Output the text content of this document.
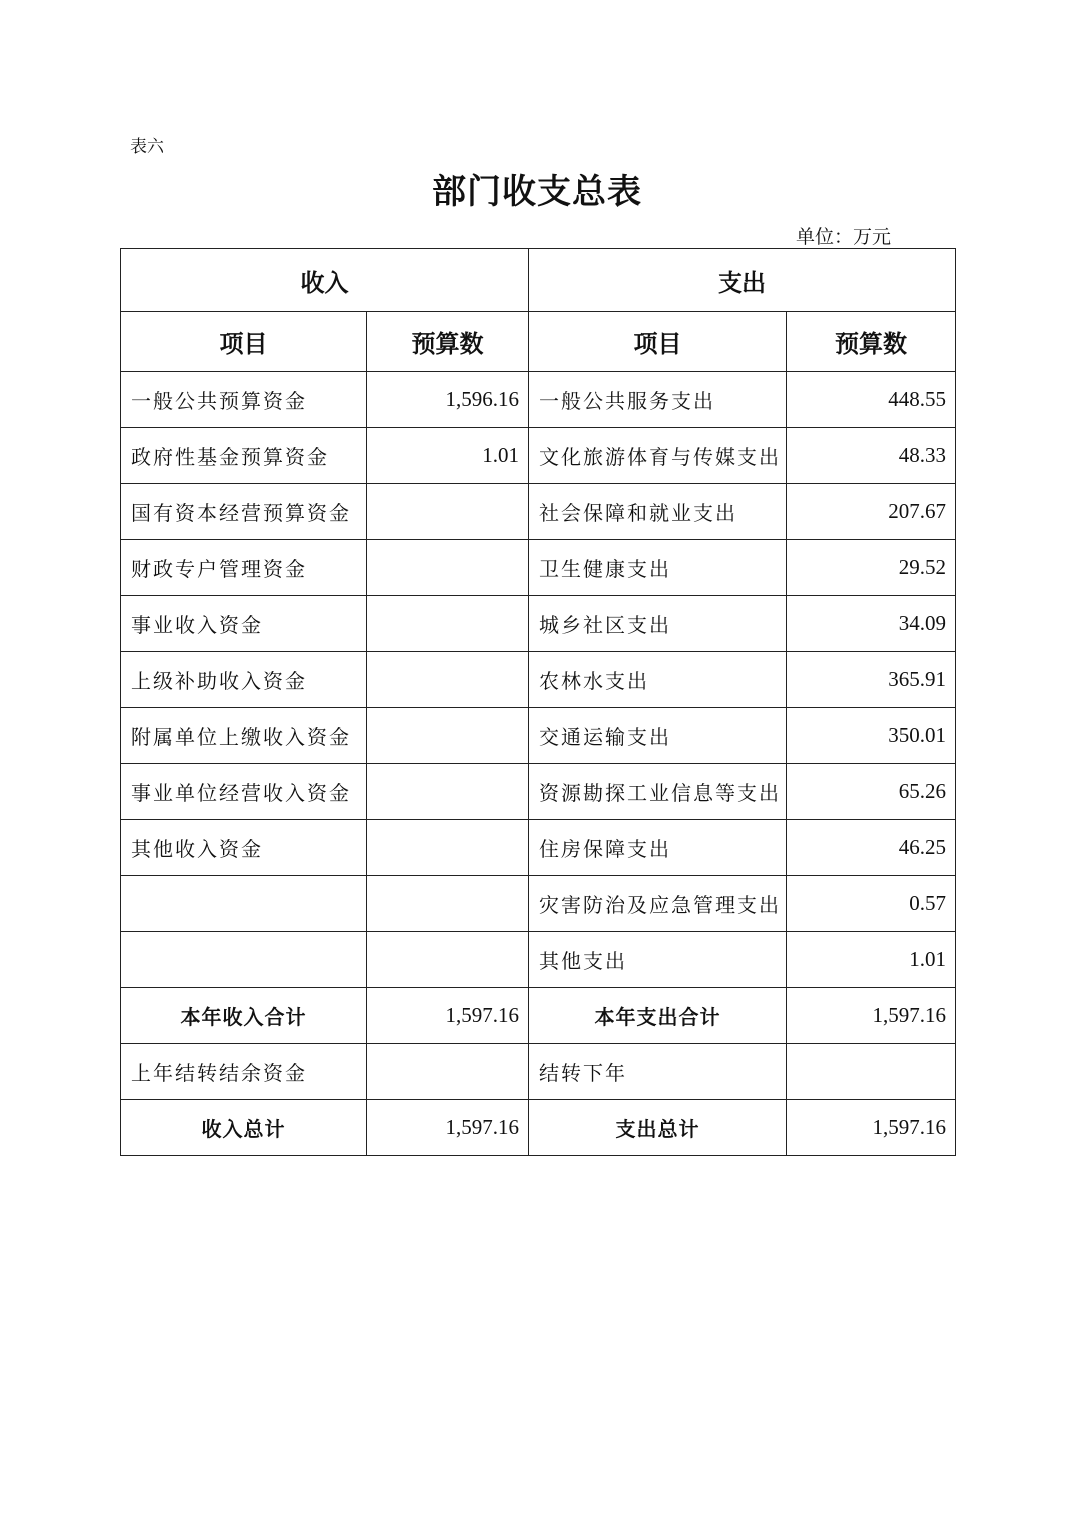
表六
部门收支总表
单位：万元
收入		支出	
项目	预算数	项目	预算数
一般公共预算资金	1,596.16	一般公共服务支出	448.55
政府性基金预算资金	1.01	文化旅游体育与传媒支出	48.33
国有资本经营预算资金		社会保障和就业支出	207.67
财政专户管理资金		卫生健康支出	29.52
事业收入资金		城乡社区支出	34.09
上级补助收入资金		农林水支出	365.91
附属单位上缴收入资金		交通运输支出	350.01
事业单位经营收入资金		资源勘探工业信息等支出	65.26
其他收入资金		住房保障支出	46.25
		灾害防治及应急管理支出	0.57
		其他支出	1.01
本年收入合计	1,597.16	本年支出合计	1,597.16
上年结转结余资金		结转下年	
收入总计	1,597.16	支出总计	1,597.16
